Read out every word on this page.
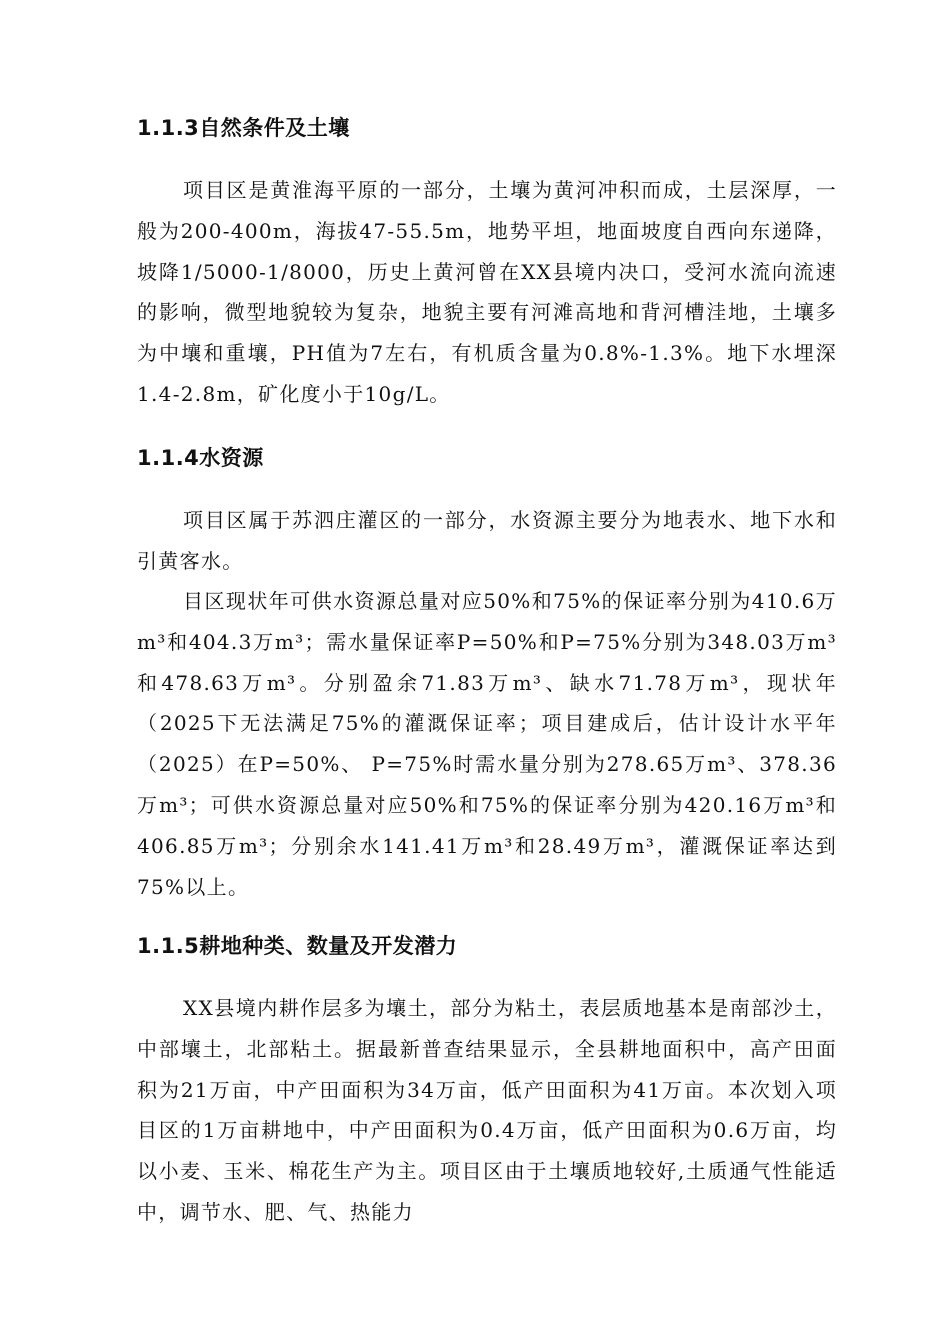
1.1.3自然条件及土壤

项目区是黄淮海平原的一部分，土壤为黄河冲积而成，土层深厚，一般为200-400m，海拔47-55.5m，地势平坦，地面坡度自西向东递降，坡降1/5000-1/8000，历史上黄河曾在XX县境内决口，受河水流向流速的影响，微型地貌较为复杂，地貌主要有河滩高地和背河槽洼地，土壤多为中壤和重壤，PH值为7左右，有机质含量为0.8%-1.3%。地下水埋深1.4-2.8m，矿化度小于10g/L。

1.1.4水资源

项目区属于苏泗庄灌区的一部分，水资源主要分为地表水、地下水和引黄客水。

目区现状年可供水资源总量对应50%和75%的保证率分别为410.6万m³和404.3万m³；需水量保证率P=50%和P=75%分别为348.03万m³和478.63万m³。分别盈余71.83万m³、缺水71.78万m³，现状年（2025下无法满足75%的灌溉保证率；项目建成后，估计设计水平年（2025）在P=50%、 P=75%时需水量分别为278.65万m³、378.36万m³；可供水资源总量对应50%和75%的保证率分别为420.16万m³和406.85万m³；分别余水141.41万m³和28.49万m³，灌溉保证率达到75%以上。

1.1.5耕地种类、数量及开发潜力

XX县境内耕作层多为壤土，部分为粘土，表层质地基本是南部沙土，中部壤土，北部粘土。据最新普查结果显示，全县耕地面积中，高产田面积为21万亩，中产田面积为34万亩，低产田面积为41万亩。本次划入项目区的1万亩耕地中，中产田面积为0.4万亩，低产田面积为0.6万亩，均以小麦、玉米、棉花生产为主。项目区由于土壤质地较好,土质通气性能适中，调节水、肥、气、热能力
